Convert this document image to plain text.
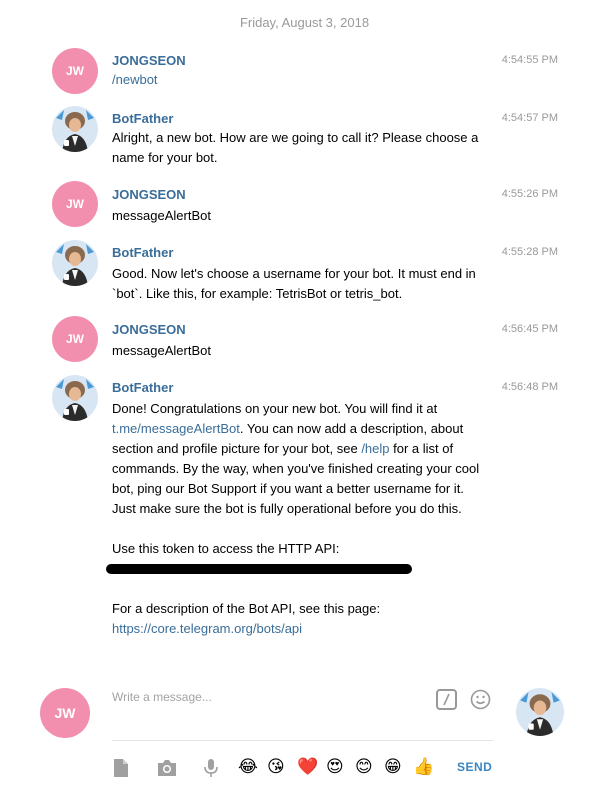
Friday, August 3, 2018
JW
JONGSEON	4:54:55 PM
/newbot
BotFather	4:54:57 PM
Alright, a new bot. How are we going to call it? Please choose a name for your bot.
JW
JONGSEON	4:55:26 PM
messageAlertBot
BotFather	4:55:28 PM
Good. Now let's choose a username for your bot. It must end in `bot`. Like this, for example: TetrisBot or tetris_bot.
JW
JONGSEON	4:56:45 PM
messageAlertBot
BotFather	4:56:48 PM
Done! Congratulations on your new bot. You will find it at t.me/messageAlertBot. You can now add a description, about section and profile picture for your bot, see /help for a list of commands. By the way, when you've finished creating your cool bot, ping our Bot Support if you want a better username for it. Just make sure the bot is fully operational before you do this.
Use this token to access the HTTP API:
For a description of the Bot API, see this page:
https://core.telegram.org/bots/api
JW
Write a message...
😂 😘 ❤️ 😍 😊 😁 👍 SEND
